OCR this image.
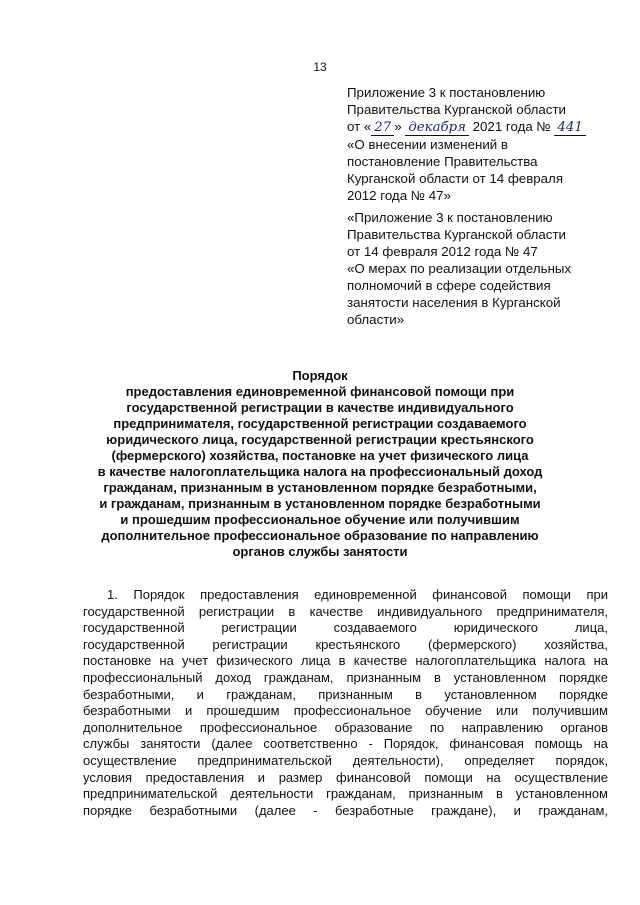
13

Приложение 3 к постановлению

Правительства Курганской области

от « 27 » декабря 2021 года № 441

«О внесении изменений в

постановление Правительства

Курганской области от 14 февраля

2012 года № 47»

«Приложение 3 к постановлению

Правительства Курганской области

от 14 февраля 2012 года № 47

«О мерах по реализации отдельных

полномочий в сфере содействия

занятости населения в Курганской

области»

Порядок

предоставления единовременной финансовой помощи при

государственной регистрации в качестве индивидуального

предпринимателя, государственной регистрации создаваемого

юридического лица, государственной регистрации крестьянского

(фермерского) хозяйства, постановке на учет физического лица

в качестве налогоплательщика налога на профессиональный доход

гражданам, признанным в установленном порядке безработными,

и гражданам, признанным в установленном порядке безработными

и прошедшим профессиональное обучение или получившим

дополнительное профессиональное образование по направлению

органов службы занятости

1. Порядок предоставления единовременной финансовой помощи при

государственной регистрации в качестве индивидуального предпринимателя,

государственной регистрации создаваемого юридического лица,

государственной регистрации крестьянского (фермерского) хозяйства,

постановке на учет физического лица в качестве налогоплательщика налога на

профессиональный доход гражданам, признанным в установленном порядке

безработными, и гражданам, признанным в установленном порядке

безработными и прошедшим профессиональное обучение или получившим

дополнительное профессиональное образование по направлению органов

службы занятости (далее соответственно - Порядок, финансовая помощь на

осуществление предпринимательской деятельности), определяет порядок,

условия предоставления и размер финансовой помощи на осуществление

предпринимательской деятельности гражданам, признанным в установленном

порядке безработными (далее - безработные граждане), и гражданам,
